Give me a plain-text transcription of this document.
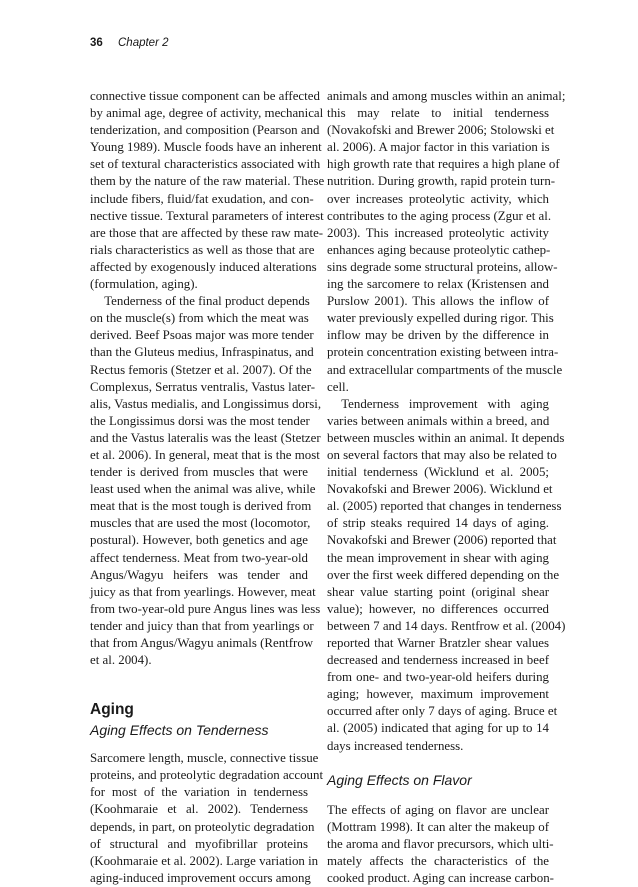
36 Chapter 2
connective tissue component can be affected
by animal age, degree of activity, mechanical
tenderization, and composition (Pearson and
Young 1989). Muscle foods have an inherent
set of textural characteristics associated with
them by the nature of the raw material. These
include fibers, fluid/fat exudation, and con-
nective tissue. Textural parameters of interest
are those that are affected by these raw mate-
rials characteristics as well as those that are
affected by exogenously induced alterations
(formulation, aging).
Tenderness of the final product depends
on the muscle(s) from which the meat was
derived. Beef Psoas major was more tender
than the Gluteus medius, Infraspinatus, and
Rectus femoris (Stetzer et al. 2007). Of the
Complexus, Serratus ventralis, Vastus later-
alis, Vastus medialis, and Longissimus dorsi,
the Longissimus dorsi was the most tender
and the Vastus lateralis was the least (Stetzer
et al. 2006). In general, meat that is the most
tender is derived from muscles that were
least used when the animal was alive, while
meat that is the most tough is derived from
muscles that are used the most (locomotor,
postural). However, both genetics and age
affect tenderness. Meat from two-year-old
Angus/Wagyu heifers was tender and
juicy as that from yearlings. However, meat
from two-year-old pure Angus lines was less
tender and juicy than that from yearlings or
that from Angus/Wagyu animals (Rentfrow
et al. 2004).
Aging
Aging Effects on Tenderness
Sarcomere length, muscle, connective tissue
proteins, and proteolytic degradation account
for most of the variation in tenderness
(Koohmaraie et al. 2002). Tenderness
depends, in part, on proteolytic degradation
of structural and myofibrillar proteins
(Koohmaraie et al. 2002). Large variation in
aging-induced improvement occurs among
animals and among muscles within an animal;
this may relate to initial tenderness
(Novakofski and Brewer 2006; Stolowski et
al. 2006). A major factor in this variation is
high growth rate that requires a high plane of
nutrition. During growth, rapid protein turn-
over increases proteolytic activity, which
contributes to the aging process (Zgur et al.
2003). This increased proteolytic activity
enhances aging because proteolytic cathep-
sins degrade some structural proteins, allow-
ing the sarcomere to relax (Kristensen and
Purslow 2001). This allows the inflow of
water previously expelled during rigor. This
inflow may be driven by the difference in
protein concentration existing between intra-
and extracellular compartments of the muscle
cell.
Tenderness improvement with aging
varies between animals within a breed, and
between muscles within an animal. It depends
on several factors that may also be related to
initial tenderness (Wicklund et al. 2005;
Novakofski and Brewer 2006). Wicklund et
al. (2005) reported that changes in tenderness
of strip steaks required 14 days of aging.
Novakofski and Brewer (2006) reported that
the mean improvement in shear with aging
over the first week differed depending on the
shear value starting point (original shear
value); however, no differences occurred
between 7 and 14 days. Rentfrow et al. (2004)
reported that Warner Bratzler shear values
decreased and tenderness increased in beef
from one- and two-year-old heifers during
aging; however, maximum improvement
occurred after only 7 days of aging. Bruce et
al. (2005) indicated that aging for up to 14
days increased tenderness.
Aging Effects on Flavor
The effects of aging on flavor are unclear
(Mottram 1998). It can alter the makeup of
the aroma and flavor precursors, which ulti-
mately affects the characteristics of the
cooked product. Aging can increase carbon-
